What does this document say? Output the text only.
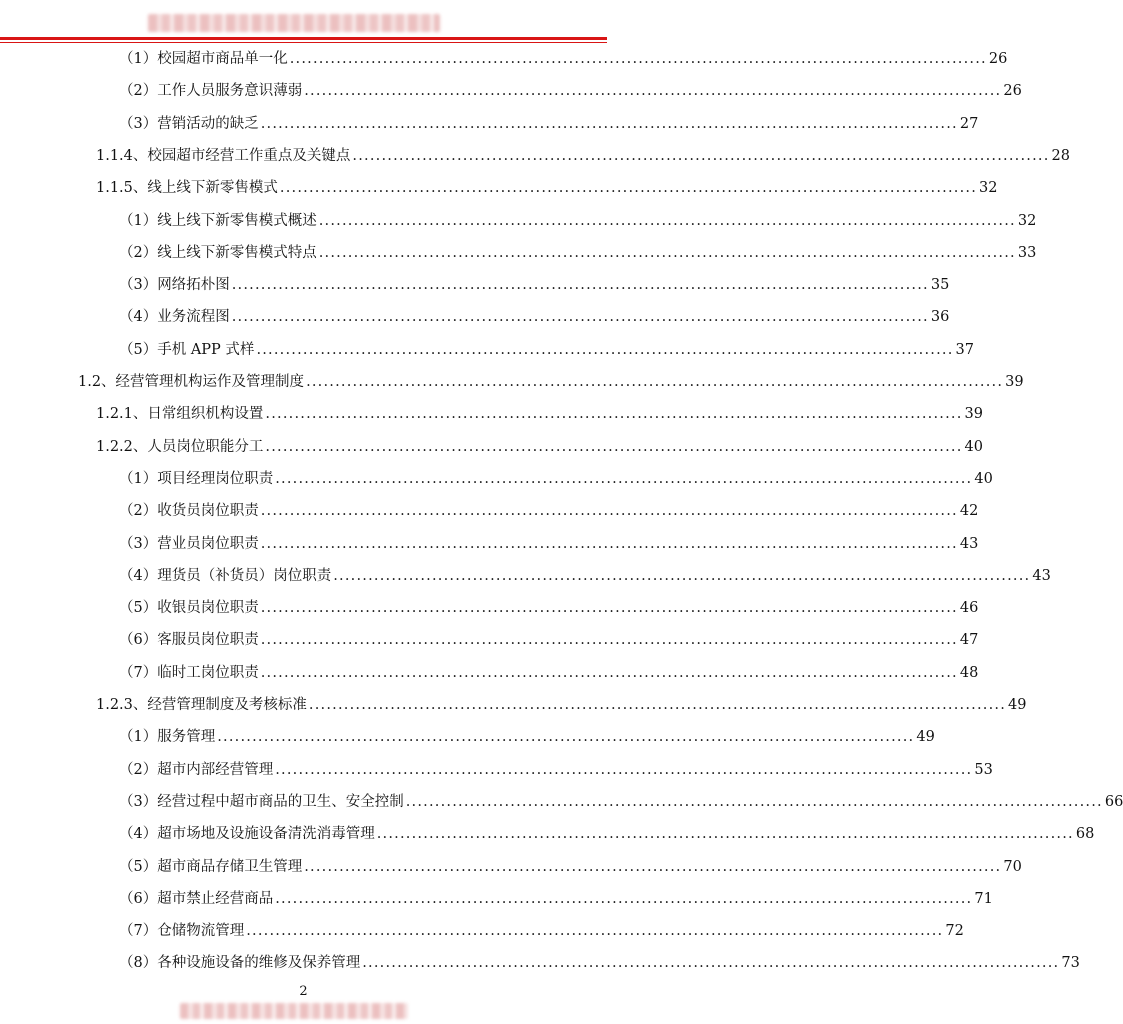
（1）校园超市商品单一化 ........................................................................................................................ 26
（2）工作人员服务意识薄弱 ........................................................................................................................ 26
（3）营销活动的缺乏 ........................................................................................................................ 27
1.1.4、校园超市经营工作重点及关键点 ........................................................................................................................ 28
1.1.5、线上线下新零售模式 ........................................................................................................................ 32
（1）线上线下新零售模式概述 ........................................................................................................................ 32
（2）线上线下新零售模式特点 ........................................................................................................................ 33
（3）网络拓朴图 ........................................................................................................................ 35
（4）业务流程图 ........................................................................................................................ 36
（5）手机 APP 式样 ........................................................................................................................ 37
1.2、经营管理机构运作及管理制度 ........................................................................................................................ 39
1.2.1、日常组织机构设置 ........................................................................................................................ 39
1.2.2、人员岗位职能分工 ........................................................................................................................ 40
（1）项目经理岗位职责 ........................................................................................................................ 40
（2）收货员岗位职责 ........................................................................................................................ 42
（3）营业员岗位职责 ........................................................................................................................ 43
（4）理货员（补货员）岗位职责 ........................................................................................................................ 43
（5）收银员岗位职责 ........................................................................................................................ 46
（6）客服员岗位职责 ........................................................................................................................ 47
（7）临时工岗位职责 ........................................................................................................................ 48
1.2.3、经营管理制度及考核标准 ........................................................................................................................ 49
（1）服务管理 ........................................................................................................................ 49
（2）超市内部经营管理 ........................................................................................................................ 53
（3）经营过程中超市商品的卫生、安全控制 ........................................................................................................................ 66
（4）超市场地及设施设备清洗消毒管理 ........................................................................................................................ 68
（5）超市商品存储卫生管理 ........................................................................................................................ 70
（6）超市禁止经营商品 ........................................................................................................................ 71
（7）仓储物流管理 ........................................................................................................................ 72
（8）各种设施设备的维修及保养管理 ........................................................................................................................ 73
2
